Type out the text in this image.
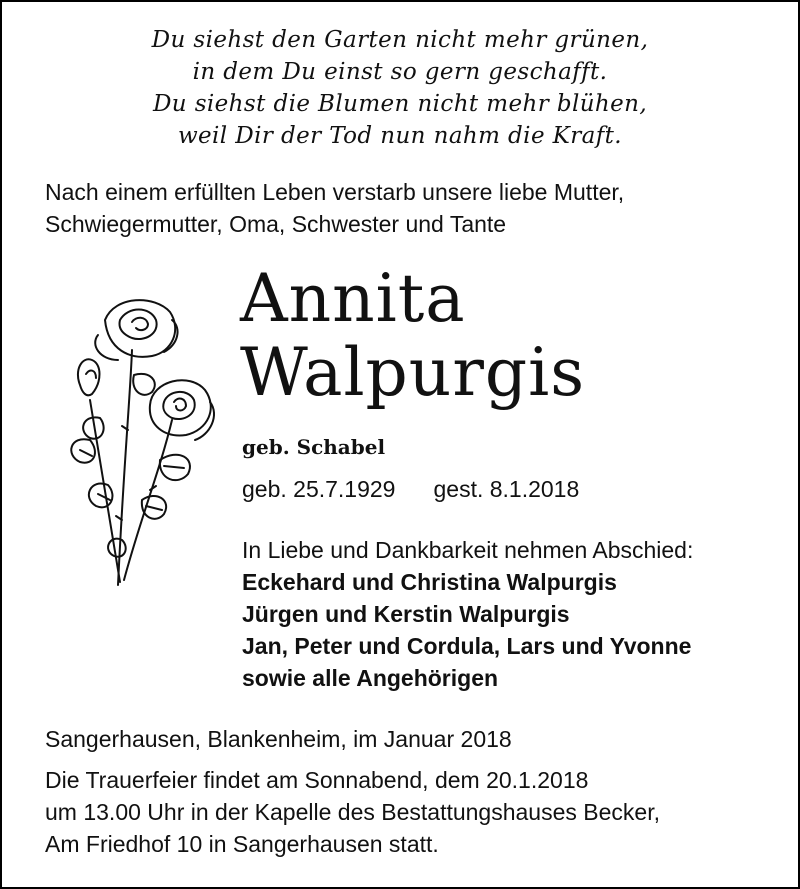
Du siehst den Garten nicht mehr grünen,
in dem Du einst so gern geschafft.
Du siehst die Blumen nicht mehr blühen,
weil Dir der Tod nun nahm die Kraft.
Nach einem erfüllten Leben verstarb unsere liebe Mutter,
Schwiegermutter, Oma, Schwester und Tante
Annita
Walpurgis
geb. Schabel
geb. 25.7.1929 gest. 8.1.2018
In Liebe und Dankbarkeit nehmen Abschied:
Eckehard und Christina Walpurgis
Jürgen und Kerstin Walpurgis
Jan, Peter und Cordula, Lars und Yvonne
sowie alle Angehörigen
Sangerhausen, Blankenheim, im Januar 2018
Die Trauerfeier findet am Sonnabend, dem 20.1.2018
um 13.00 Uhr in der Kapelle des Bestattungshauses Becker,
Am Friedhof 10 in Sangerhausen statt.
